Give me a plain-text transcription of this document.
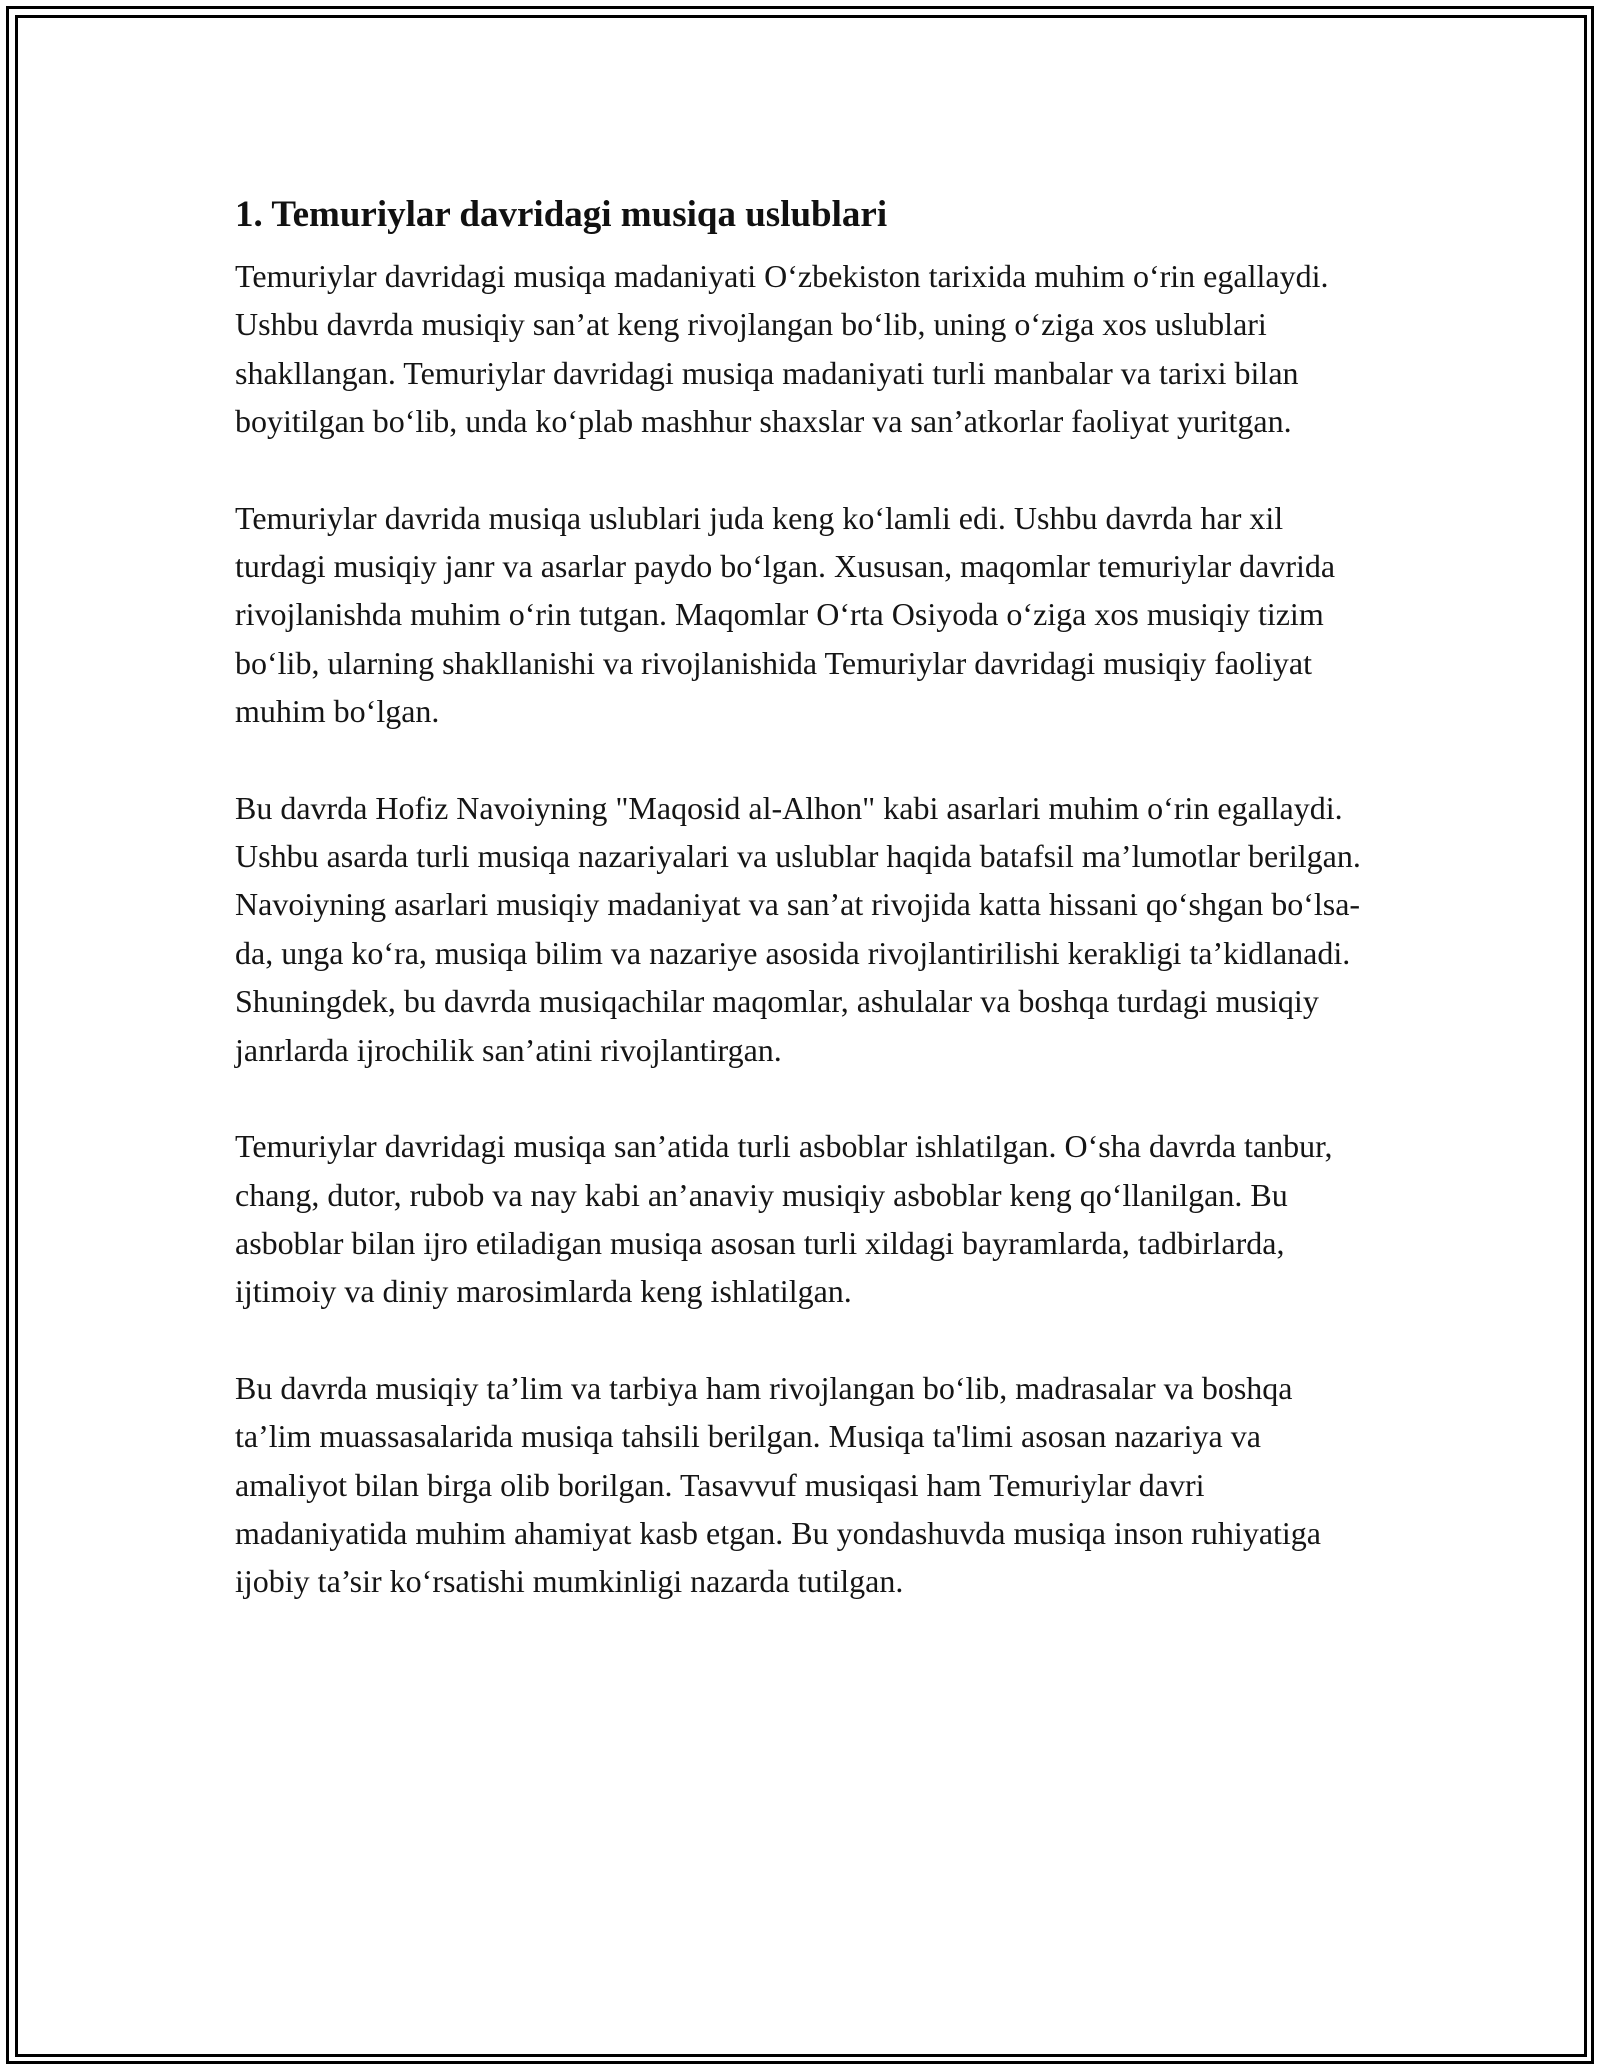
1. Temuriylar davridagi musiqa uslublari

Temuriylar davridagi musiqa madaniyati O‘zbekiston tarixida muhim o‘rin egallaydi. Ushbu davrda musiqiy san’at keng rivojlangan bo‘lib, uning o‘ziga xos uslublari shakllangan. Temuriylar davridagi musiqa madaniyati turli manbalar va tarixi bilan boyitilgan bo‘lib, unda ko‘plab mashhur shaxslar va san’atkorlar faoliyat yuritgan.

Temuriylar davrida musiqa uslublari juda keng ko‘lamli edi. Ushbu davrda har xil turdagi musiqiy janr va asarlar paydo bo‘lgan. Xususan, maqomlar temuriylar davrida rivojlanishda muhim o‘rin tutgan. Maqomlar O‘rta Osiyoda o‘ziga xos musiqiy tizim bo‘lib, ularning shakllanishi va rivojlanishida Temuriylar davridagi musiqiy faoliyat muhim bo‘lgan.

Bu davrda Hofiz Navoiyning "Maqosid al-Alhon" kabi asarlari muhim o‘rin egallaydi. Ushbu asarda turli musiqa nazariyalari va uslublar haqida batafsil ma’lumotlar berilgan. Navoiyning asarlari musiqiy madaniyat va san’at rivojida katta hissani qo‘shgan bo‘lsa-da, unga ko‘ra, musiqa bilim va nazariye asosida rivojlantirilishi kerakligi ta’kidlanadi. Shuningdek, bu davrda musiqachilar maqomlar, ashulalar va boshqa turdagi musiqiy janrlarda ijrochilik san’atini rivojlantirgan.

Temuriylar davridagi musiqa san’atida turli asboblar ishlatilgan. O‘sha davrda tanbur, chang, dutor, rubob va nay kabi an’anaviy musiqiy asboblar keng qo‘llanilgan. Bu asboblar bilan ijro etiladigan musiqa asosan turli xildagi bayramlarda, tadbirlarda, ijtimoiy va diniy marosimlarda keng ishlatilgan.

Bu davrda musiqiy ta’lim va tarbiya ham rivojlangan bo‘lib, madrasalar va boshqa ta’lim muassasalarida musiqa tahsili berilgan. Musiqa ta'limi asosan nazariya va amaliyot bilan birga olib borilgan. Tasavvuf musiqasi ham Temuriylar davri madaniyatida muhim ahamiyat kasb etgan. Bu yondashuvda musiqa inson ruhiyatiga ijobiy ta’sir ko‘rsatishi mumkinligi nazarda tutilgan.
